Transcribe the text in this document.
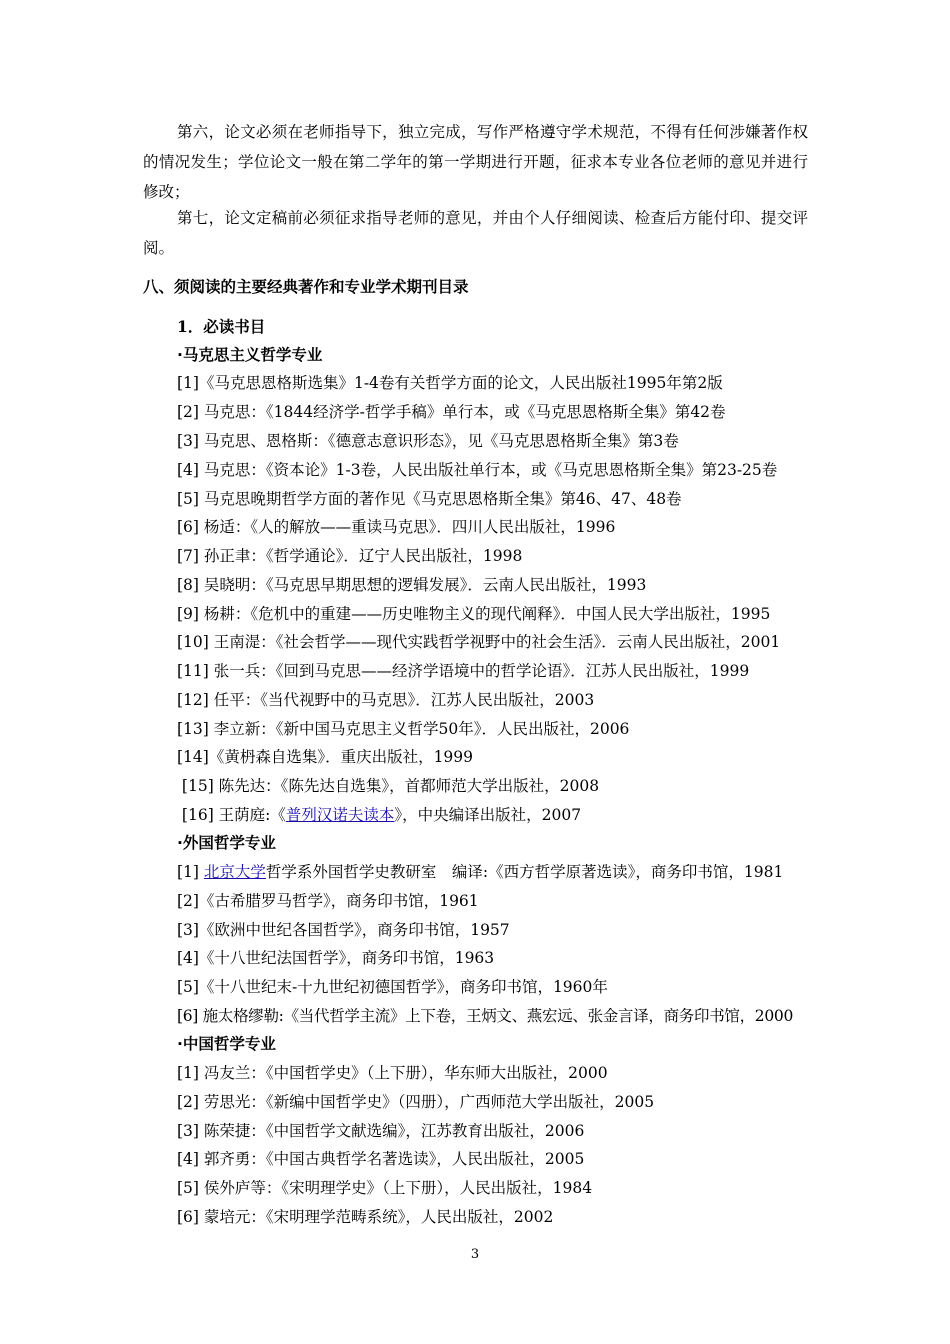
第六，论文必须在老师指导下，独立完成，写作严格遵守学术规范，不得有任何涉嫌著作权的情况发生；学位论文一般在第二学年的第一学期进行开题，征求本专业各位老师的意见并进行修改；

第七，论文定稿前必须征求指导老师的意见，并由个人仔细阅读、检查后方能付印、提交评阅。

八、须阅读的主要经典著作和专业学术期刊目录

1．必读书目

·马克思主义哲学专业

[1]《马克思恩格斯选集》1-4卷有关哲学方面的论文，人民出版社1995年第2版

[2] 马克思：《1844经济学-哲学手稿》单行本，或《马克思恩格斯全集》第42卷

[3] 马克思、恩格斯：《德意志意识形态》，见《马克思恩格斯全集》第3卷

[4] 马克思：《资本论》1-3卷，人民出版社单行本，或《马克思恩格斯全集》第23-25卷

[5] 马克思晚期哲学方面的著作见《马克思恩格斯全集》第46、47、48卷

[6] 杨适：《人的解放——重读马克思》．四川人民出版社，1996

[7] 孙正聿：《哲学通论》．辽宁人民出版社，1998

[8] 吴晓明：《马克思早期思想的逻辑发展》．云南人民出版社，1993

[9] 杨耕：《危机中的重建——历史唯物主义的现代阐释》．中国人民大学出版社，1995

[10] 王南湜：《社会哲学——现代实践哲学视野中的社会生活》．云南人民出版社，2001

[11] 张一兵：《回到马克思——经济学语境中的哲学论语》．江苏人民出版社，1999

[12] 任平：《当代视野中的马克思》．江苏人民出版社，2003

[13] 李立新：《新中国马克思主义哲学50年》．人民出版社，2006

[14]《黄枬森自选集》．重庆出版社，1999

[15] 陈先达：《陈先达自选集》，首都师范大学出版社，2008

[16] 王荫庭:《普列汉诺夫读本》，中央编译出版社，2007

·外国哲学专业

[1] 北京大学哲学系外国哲学史教研室　编译:《西方哲学原著选读》，商务印书馆，1981

[2]《古希腊罗马哲学》，商务印书馆，1961

[3]《欧洲中世纪各国哲学》，商务印书馆，1957

[4]《十八世纪法国哲学》，商务印书馆，1963

[5]《十八世纪末-十九世纪初德国哲学》，商务印书馆，1960年

[6] 施太格缪勒:《当代哲学主流》上下卷，王炳文、燕宏远、张金言译，商务印书馆，2000

·中国哲学专业

[1] 冯友兰：《中国哲学史》（上下册），华东师大出版社，2000

[2] 劳思光：《新编中国哲学史》（四册），广西师范大学出版社，2005

[3] 陈荣捷：《中国哲学文献选编》，江苏教育出版社，2006

[4] 郭齐勇：《中国古典哲学名著选读》，人民出版社，2005

[5] 侯外庐等：《宋明理学史》（上下册），人民出版社，1984

[6] 蒙培元：《宋明理学范畴系统》，人民出版社，2002

3
